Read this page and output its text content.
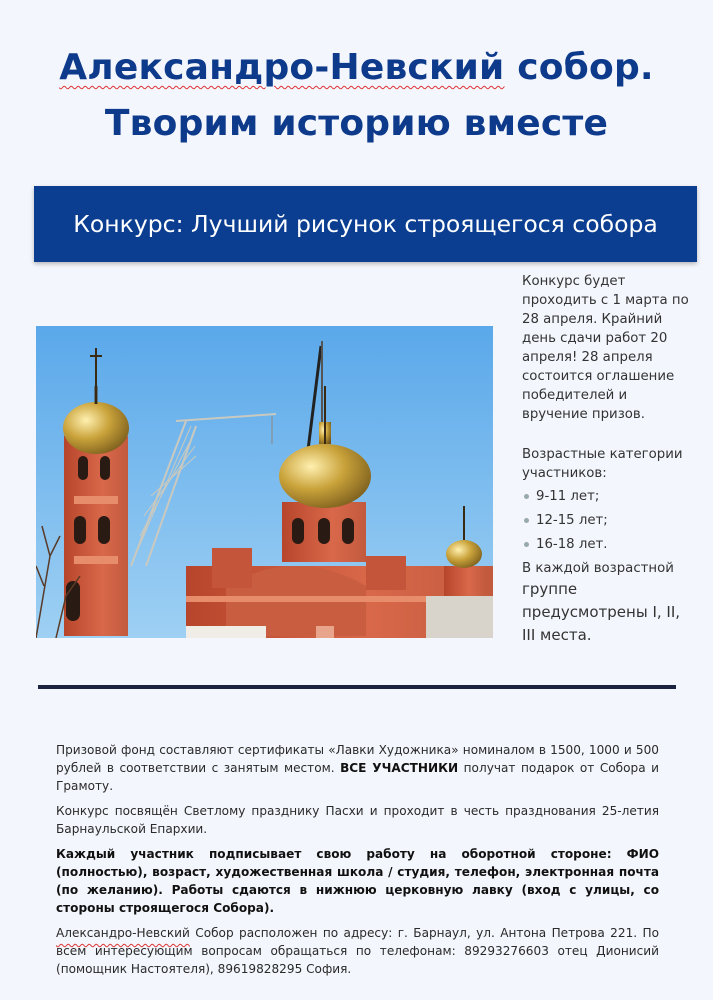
Александро-Невский собор.
Творим историю вместе
Конкурс: Лучший рисунок строящегося собора

Конкурс будет проходить с 1 марта по 28 апреля. Крайний день сдачи работ 20 апреля! 28 апреля состоится оглашение победителей и вручение призов.

Возрастные категории участников:

9-11 лет;
12-15 лет;
16-18 лет.

В каждой возрастной
группе предусмотрены I, II, III места.

Призовой фонд составляют сертификаты «Лавки Художника» номиналом в 1500, 1000 и 500 рублей в соответствии с занятым местом. ВСЕ УЧАСТНИКИ получат подарок от Собора и Грамоту.

Конкурс посвящён Светлому празднику Пасхи и проходит в честь празднования 25-летия Барнаульской Епархии.

Каждый участник подписывает свою работу на оборотной стороне: ФИО (полностью), возраст, художественная школа / студия, телефон, электронная почта (по желанию). Работы сдаются в нижнюю церковную лавку (вход с улицы, со стороны строящегося Собора).

Александро-Невский Собор расположен по адресу: г. Барнаул, ул. Антона Петрова 221. По всем интересующим вопросам обращаться по телефонам: 89293276603 отец Дионисий (помощник Настоятеля), 89619828295 София.
